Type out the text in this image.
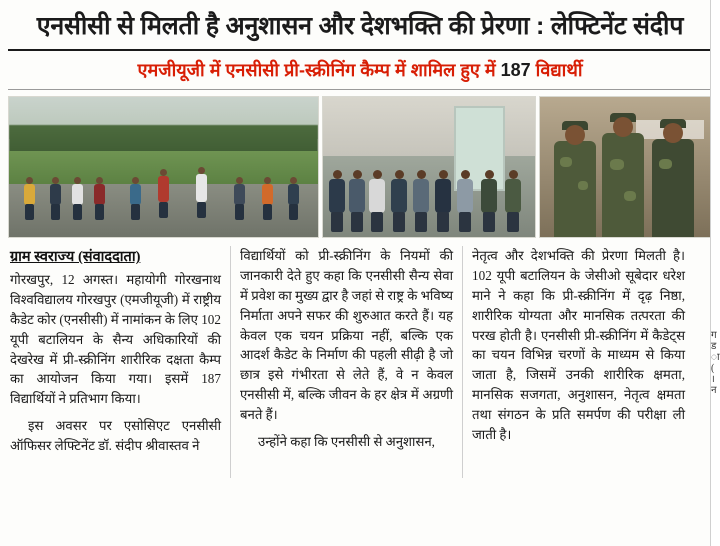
एनसीसी से मिलती है अनुशासन और देशभक्ति की प्रेरणा : लेफ्टिनेंट संदीप
एमजीयूजी में एनसीसी प्री-स्क्रीनिंग कैम्प में शामिल हुए में 187 विद्यार्थी
ग्राम स्वराज्य (संवाददाता)

गोरखपुर, 12 अगस्त। महायोगी गोरखनाथ विश्वविद्यालय गोरखपुर (एमजीयूजी) में राष्ट्रीय कैडेट कोर (एनसीसी) में नामांकन के लिए 102 यूपी बटालियन के सैन्य अधिकारियों की देखरेख में प्री-स्क्रीनिंग शारीरिक दक्षता कैम्प का आयोजन किया गया। इसमें 187 विद्यार्थियों ने प्रतिभाग किया।

इस अवसर पर एसोसिएट एनसीसी ऑफिसर लेफ्टिनेंट डॉ. संदीप श्रीवास्तव ने

विद्यार्थियों को प्री-स्क्रीनिंग के नियमों की जानकारी देते हुए कहा कि एनसीसी सैन्य सेवा में प्रवेश का मुख्य द्वार है जहां से राष्ट्र के भविष्य निर्माता अपने सफर की शुरुआत करते हैं। यह केवल एक चयन प्रक्रिया नहीं, बल्कि एक आदर्श कैडेट के निर्माण की पहली सीढ़ी है जो छात्र इसे गंभीरता से लेते हैं, वे न केवल एनसीसी में, बल्कि जीवन के हर क्षेत्र में अग्रणी बनते हैं।

उन्होंने कहा कि एनसीसी से अनुशासन,

नेतृत्व और देशभक्ति की प्रेरणा मिलती है। 102 यूपी बटालियन के जेसीओ सूबेदार धरेश माने ने कहा कि प्री-स्क्रीनिंग में दृढ़ निष्ठा, शारीरिक योग्यता और मानसिक तत्परता की परख होती है। एनसीसी प्री-स्क्रीनिंग में कैडेट्स का चयन विभिन्न चरणों के माध्यम से किया जाता है, जिसमें उनकी शारीरिक क्षमता, मानसिक सजगता, अनुशासन, नेतृत्व क्षमता तथा संगठन के प्रति समर्पण की परीक्षा ली जाती है।

ग ड ा ( । न
